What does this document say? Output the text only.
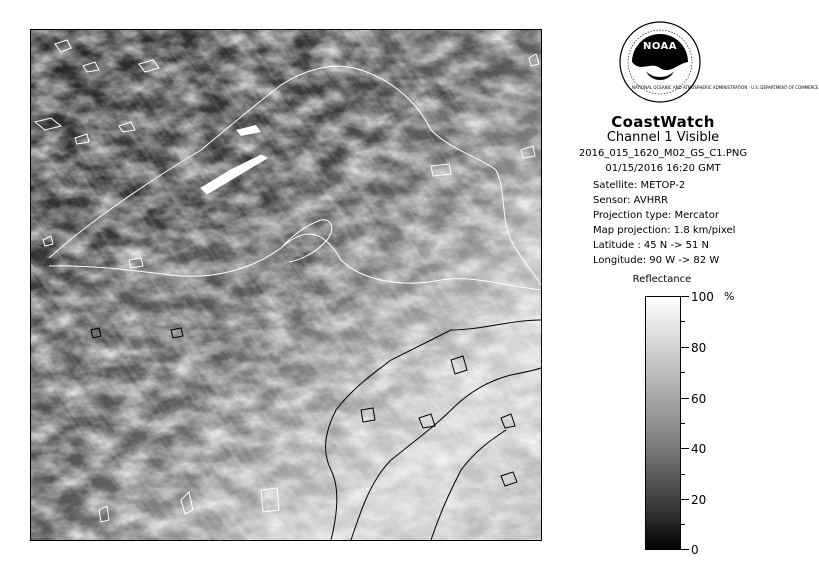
NOAA
NATIONAL OCEANIC AND ATMOSPHERIC ADMINISTRATION · U.S. DEPARTMENT OF COMMERCE
CoastWatch
Channel 1 Visible
2016_015_1620_M02_GS_C1.PNG
01/15/2016 16:20 GMT
Satellite: METOP-2
Sensor: AVHRR
Projection type: Mercator
Map projection: 1.8 km/pixel
Latitude : 45 N -> 51 N
Longitude: 90 W -> 82 W
Reflectance
%
100
80
60
40
20
0
